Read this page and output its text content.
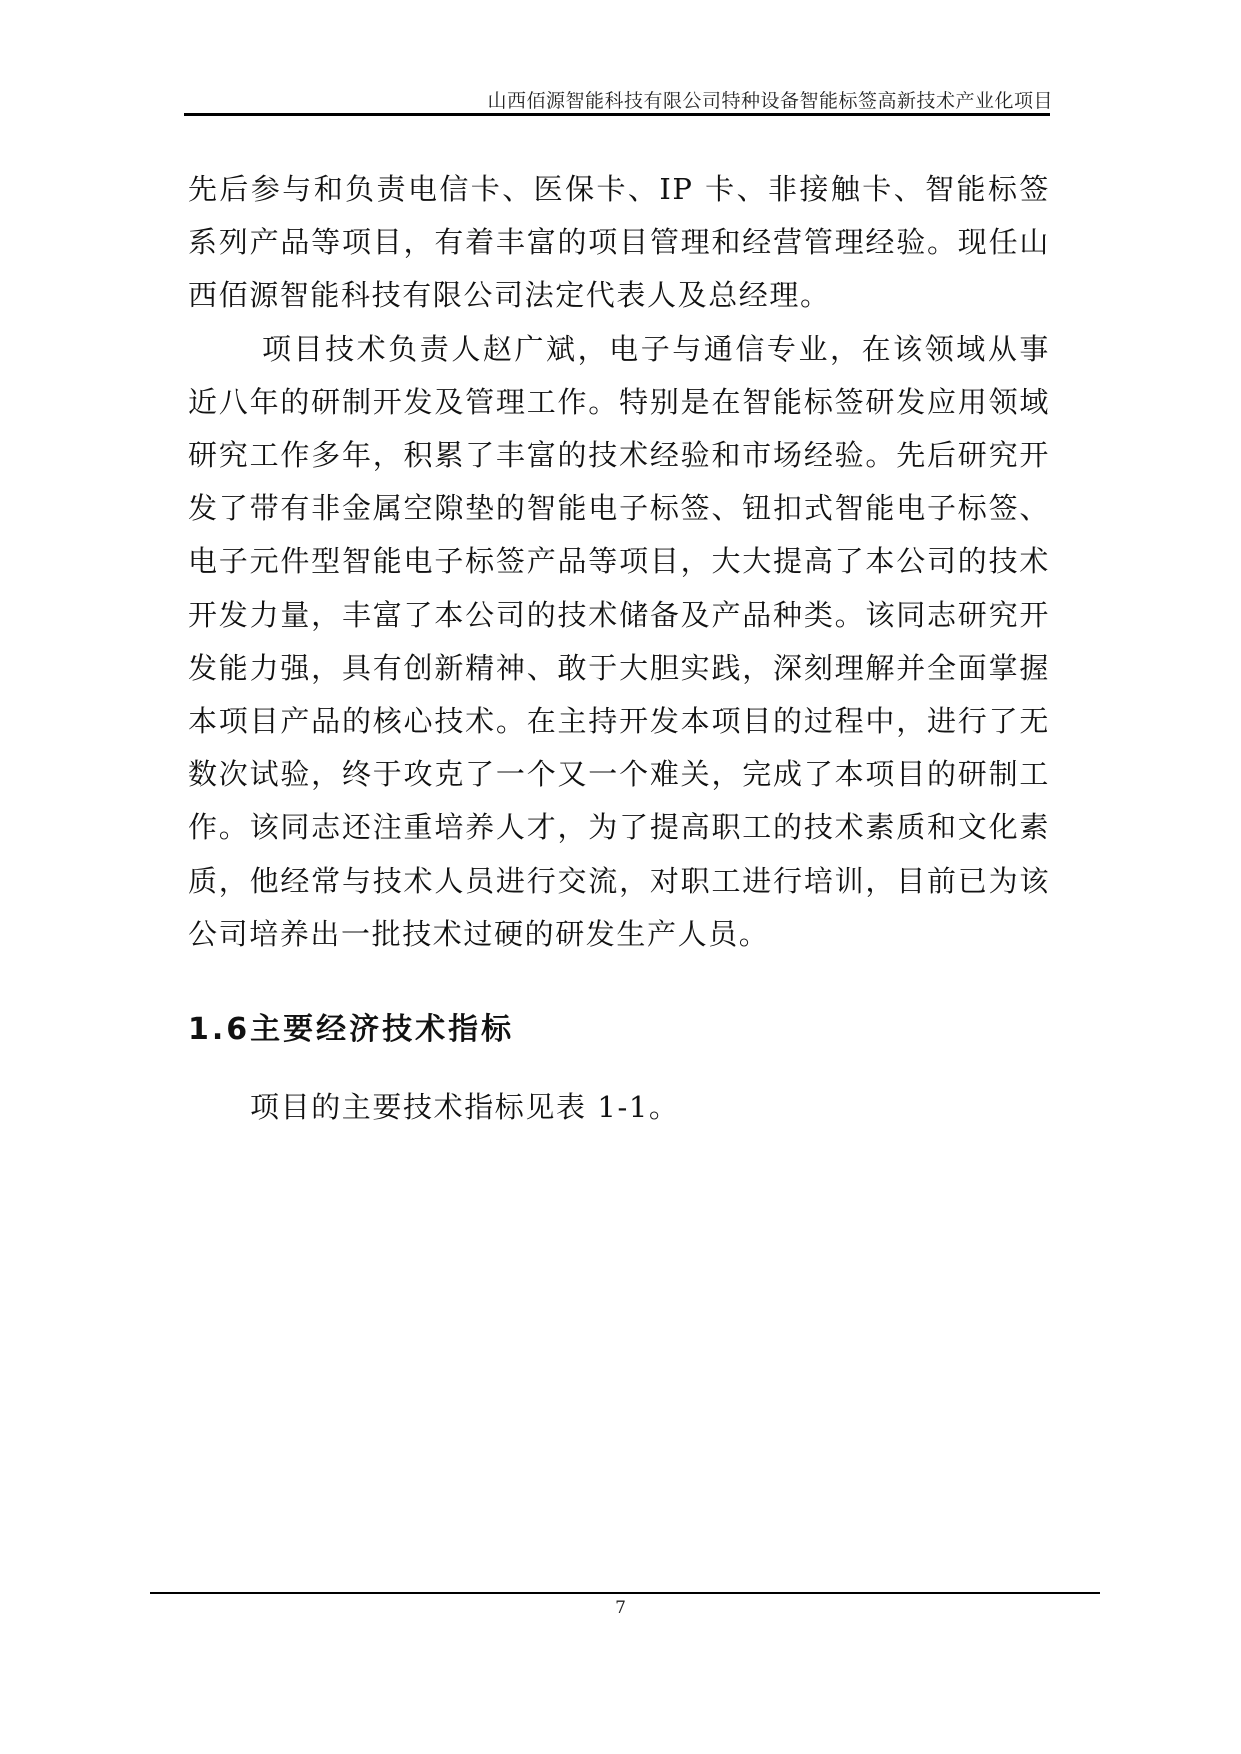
山西佰源智能科技有限公司特种设备智能标签高新技术产业化项目

先后参与和负责电信卡、医保卡、IP 卡、非接触卡、智能标签系列产品等项目，有着丰富的项目管理和经营管理经验。现任山西佰源智能科技有限公司法定代表人及总经理。

项目技术负责人赵广斌，电子与通信专业，在该领域从事近八年的研制开发及管理工作。特别是在智能标签研发应用领域研究工作多年，积累了丰富的技术经验和市场经验。先后研究开发了带有非金属空隙垫的智能电子标签、钮扣式智能电子标签、电子元件型智能电子标签产品等项目，大大提高了本公司的技术开发力量，丰富了本公司的技术储备及产品种类。该同志研究开发能力强，具有创新精神、敢于大胆实践，深刻理解并全面掌握本项目产品的核心技术。在主持开发本项目的过程中，进行了无数次试验，终于攻克了一个又一个难关，完成了本项目的研制工作。该同志还注重培养人才，为了提高职工的技术素质和文化素质，他经常与技术人员进行交流，对职工进行培训，目前已为该公司培养出一批技术过硬的研发生产人员。

1.6主要经济技术指标
项目的主要技术指标见表 1-1。
7
